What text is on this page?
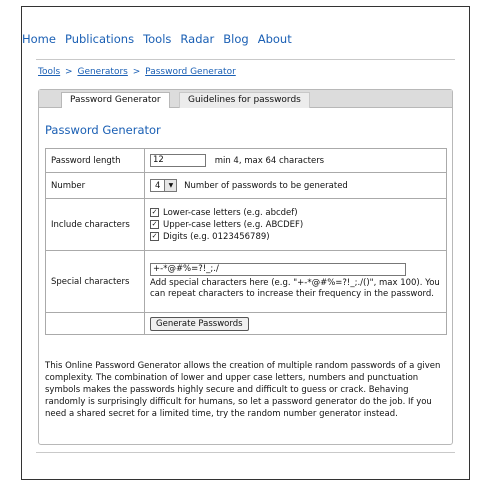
Home Publications Tools Radar Blog About
Tools > Generators > Password Generator
Password Generator	Guidelines for passwords
Password Generator
Password length	12 min 4, max 64 characters
Number	4 ▼ Number of passwords to be generated
Include characters	✓ Lower-case letters (e.g. abcdef)
✓ Upper-case letters (e.g. ABCDEF)
✓ Digits (e.g. 0123456789)

Special characters	+-*@#%=?!_;./
Add special characters here (e.g. "+-*@#%=?!_;./()", max 100). You can repeat characters to increase their frequency in the password.

	Generate Passwords
This Online Password Generator allows the creation of multiple random passwords of a given complexity. The combination of lower and upper case letters, numbers and punctuation symbols makes the passwords highly secure and difficult to guess or crack. Behaving randomly is surprisingly difficult for humans, so let a password generator do the job. If you need a shared secret for a limited time, try the random number generator instead.
